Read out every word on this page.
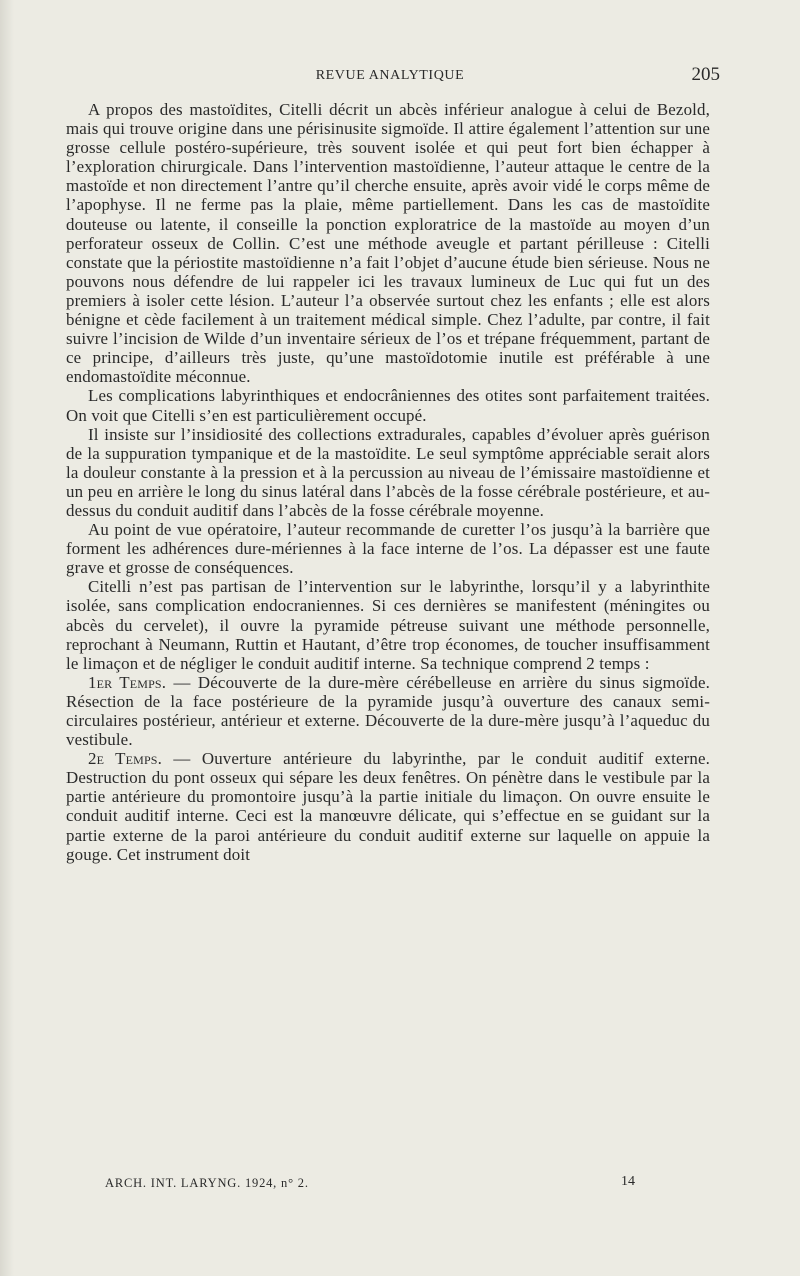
REVUE ANALYTIQUE	205

A propos des mastoïdites, Citelli décrit un abcès inférieur analogue à celui de Bezold, mais qui trouve origine dans une périsinusite sigmoïde. Il attire également l’attention sur une grosse cellule postéro-supérieure, très souvent isolée et qui peut fort bien échapper à l’exploration chirurgicale. Dans l’intervention mastoïdienne, l’auteur attaque le centre de la mastoïde et non directement l’antre qu’il cherche ensuite, après avoir vidé le corps même de l’apophyse. Il ne ferme pas la plaie, même partiellement. Dans les cas de mastoïdite douteuse ou latente, il conseille la ponction exploratrice de la mastoïde au moyen d’un perforateur osseux de Collin. C’est une méthode aveugle et partant périlleuse : Citelli constate que la périostite mastoïdienne n’a fait l’objet d’aucune étude bien sérieuse. Nous ne pouvons nous défendre de lui rappeler ici les travaux lumineux de Luc qui fut un des premiers à isoler cette lésion. L’auteur l’a observée surtout chez les enfants ; elle est alors bénigne et cède facilement à un traitement médical simple. Chez l’adulte, par contre, il fait suivre l’incision de Wilde d’un inventaire sérieux de l’os et trépane fréquemment, partant de ce principe, d’ailleurs très juste, qu’une mastoïdotomie inutile est préférable à une endomastoïdite méconnue.

Les complications labyrinthiques et endocrâniennes des otites sont parfaitement traitées. On voit que Citelli s’en est particulièrement occupé.

Il insiste sur l’insidiosité des collections extradurales, capables d’évoluer après guérison de la suppuration tympanique et de la mastoïdite. Le seul symptôme appréciable serait alors la douleur constante à la pression et à la percussion au niveau de l’émissaire mastoïdienne et un peu en arrière le long du sinus latéral dans l’abcès de la fosse cérébrale postérieure, et au-dessus du conduit auditif dans l’abcès de la fosse cérébrale moyenne.

Au point de vue opératoire, l’auteur recommande de curetter l’os jusqu’à la barrière que forment les adhérences dure-mériennes à la face interne de l’os. La dépasser est une faute grave et grosse de conséquences.

Citelli n’est pas partisan de l’intervention sur le labyrinthe, lorsqu’il y a labyrinthite isolée, sans complication endocraniennes. Si ces dernières se manifestent (méningites ou abcès du cervelet), il ouvre la pyramide pétreuse suivant une méthode personnelle, reprochant à Neumann, Ruttin et Hautant, d’être trop économes, de toucher insuffisamment le limaçon et de négliger le conduit auditif interne. Sa technique comprend 2 temps :

1er Temps. — Découverte de la dure-mère cérébelleuse en arrière du sinus sigmoïde. Résection de la face postérieure de la pyramide jusqu’à ouverture des canaux semi-circulaires postérieur, antérieur et externe. Découverte de la dure-mère jusqu’à l’aqueduc du vestibule.

2e Temps. — Ouverture antérieure du labyrinthe, par le conduit auditif externe. Destruction du pont osseux qui sépare les deux fenêtres. On pénètre dans le vestibule par la partie antérieure du promontoire jusqu’à la partie initiale du limaçon. On ouvre ensuite le conduit auditif interne. Ceci est la manœuvre délicate, qui s’effectue en se guidant sur la partie externe de la paroi antérieure du conduit auditif externe sur laquelle on appuie la gouge. Cet instrument doit

ARCH. INT. LARYNG. 1924, n° 2.	14
